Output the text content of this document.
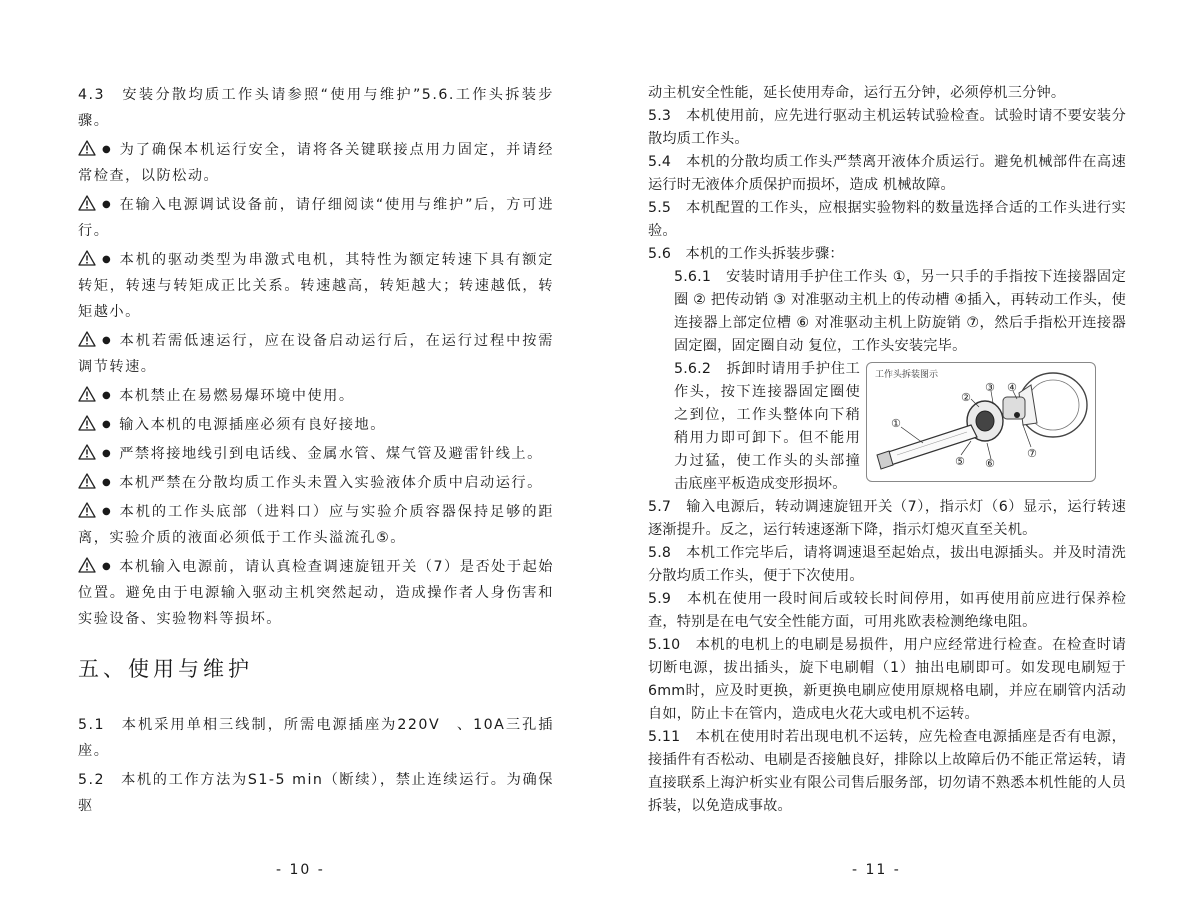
4.3　安装分散均质工作头请参照“使用与维护”5.6.工作头拆装步骤。

● 为了确保本机运行安全，请将各关键联接点用力固定，并请经常检查，以防松动。

● 在输入电源调试设备前，请仔细阅读“使用与维护”后，方可进行。

● 本机的驱动类型为串激式电机，其特性为额定转速下具有额定转矩，转速与转矩成正比关系。转速越高，转矩越大；转速越低，转矩越小。

● 本机若需低速运行，应在设备启动运行后，在运行过程中按需调节转速。

● 本机禁止在易燃易爆环境中使用。

● 输入本机的电源插座必须有良好接地。

● 严禁将接地线引到电话线、金属水管、煤气管及避雷针线上。

● 本机严禁在分散均质工作头未置入实验液体介质中启动运行。

● 本机的工作头底部（进料口）应与实验介质容器保持足够的距离，实验介质的液面必须低于工作头溢流孔⑤。

● 本机输入电源前，请认真检查调速旋钮开关（7）是否处于起始位置。避免由于电源输入驱动主机突然起动，造成操作者人身伤害和实验设备、实验物料等损坏。

五、使用与维护

5.1　本机采用单相三线制，所需电源插座为220V　、10A三孔插座。

5.2　本机的工作方法为S1-5 min（断续），禁止连续运行。为确保驱

- 10 -

动主机安全性能，延长使用寿命，运行五分钟，必须停机三分钟。

5.3　本机使用前，应先进行驱动主机运转试验检查。试验时请不要安装分散均质工作头。

5.4　本机的分散均质工作头严禁离开液体介质运行。避免机械部件在高速运行时无液体介质保护而损坏，造成 机械故障。

5.5　本机配置的工作头，应根据实验物料的数量选择合适的工作头进行实验。

5.6　本机的工作头拆装步骤：

5.6.1　安装时请用手护住工作头 ①，另一只手的手指按下连接器固定圈 ② 把传动销 ③ 对准驱动主机上的传动槽 ④插入，再转动工作头，使连接器上部定位槽 ⑥ 对准驱动主机上防旋销 ⑦，然后手指松开连接器固定圈，固定圈自动 复位，工作头安装完毕。

5.6.2　拆卸时请用手护住工作头，按下连接器固定圈使之到位，工作头整体向下稍稍用力即可卸下。但不能用力过猛，使工作头的头部撞击底座平板造成变形损坏。

工作头拆装图示
①
②
③ ④
⑤ ⑥
⑦

5.7　输入电源后，转动调速旋钮开关（7），指示灯（6）显示，运行转速逐渐提升。反之，运行转速逐渐下降，指示灯熄灭直至关机。

5.8　本机工作完毕后，请将调速退至起始点，拔出电源插头。并及时清洗分散均质工作头，便于下次使用。

5.9　本机在使用一段时间后或较长时间停用，如再使用前应进行保养检查，特别是在电气安全性能方面，可用兆欧表检测绝缘电阻。

5.10　本机的电机上的电刷是易损件，用户应经常进行检查。在检查时请切断电源，拔出插头，旋下电刷帽（1）抽出电刷即可。如发现电刷短于6mm时，应及时更换，新更换电刷应使用原规格电刷，并应在刷管内活动自如，防止卡在管内，造成电火花大或电机不运转。

5.11　本机在使用时若出现电机不运转，应先检查电源插座是否有电源，接插件有否松动、电刷是否接触良好，排除以上故障后仍不能正常运转，请直接联系上海沪析实业有限公司售后服务部，切勿请不熟悉本机性能的人员拆装，以免造成事故。

- 11 -
